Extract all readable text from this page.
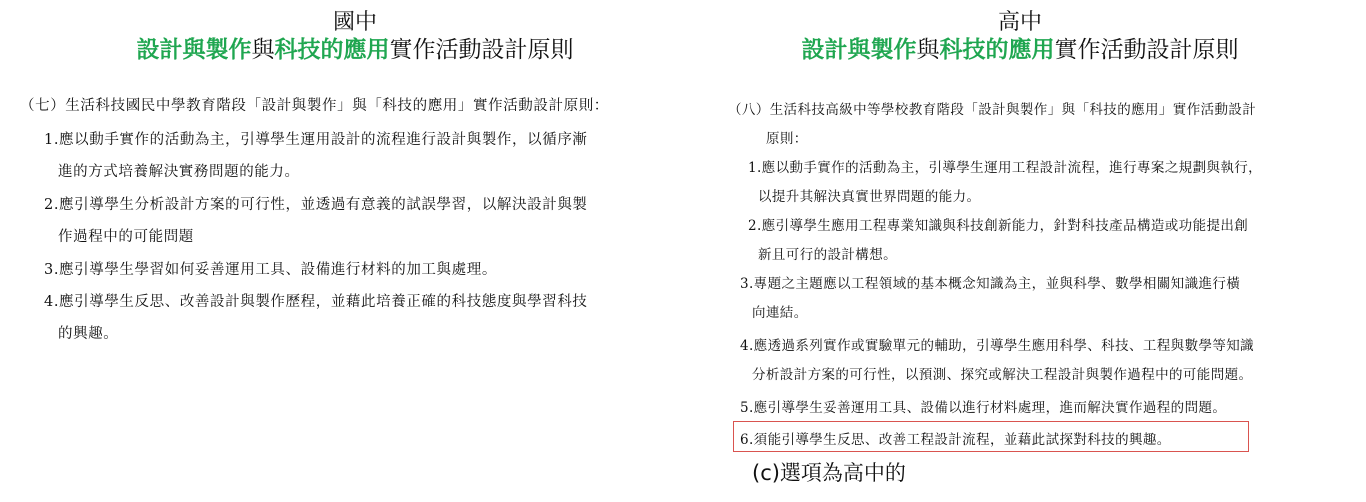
國中
設計與製作與科技的應用實作活動設計原則
高中
設計與製作與科技的應用實作活動設計原則
（七）生活科技國民中學教育階段「設計與製作」與「科技的應用」實作活動設計原則：
1.應以動手實作的活動為主，引導學生運用設計的流程進行設計與製作，以循序漸
進的方式培養解決實務問題的能力。
2.應引導學生分析設計方案的可行性，並透過有意義的試誤學習，以解決設計與製
作過程中的可能問題
3.應引導學生學習如何妥善運用工具、設備進行材料的加工與處理。
4.應引導學生反思、改善設計與製作歷程，並藉此培養正確的科技態度與學習科技
的興趣。
（八）生活科技高級中等學校教育階段「設計與製作」與「科技的應用」實作活動設計
原則：
1.應以動手實作的活動為主，引導學生運用工程設計流程，進行專案之規劃與執行，
以提升其解決真實世界問題的能力。
2.應引導學生應用工程專業知識與科技創新能力，針對科技產品構造或功能提出創
新且可行的設計構想。
3.專題之主題應以工程領域的基本概念知識為主，並與科學、數學相關知識進行橫
向連結。
4.應透過系列實作或實驗單元的輔助，引導學生應用科學、科技、工程與數學等知識
分析設計方案的可行性，以預測、探究或解決工程設計與製作過程中的可能問題。
5.應引導學生妥善運用工具、設備以進行材料處理，進而解決實作過程的問題。
6.須能引導學生反思、改善工程設計流程，並藉此試探對科技的興趣。
(c)選項為高中的
